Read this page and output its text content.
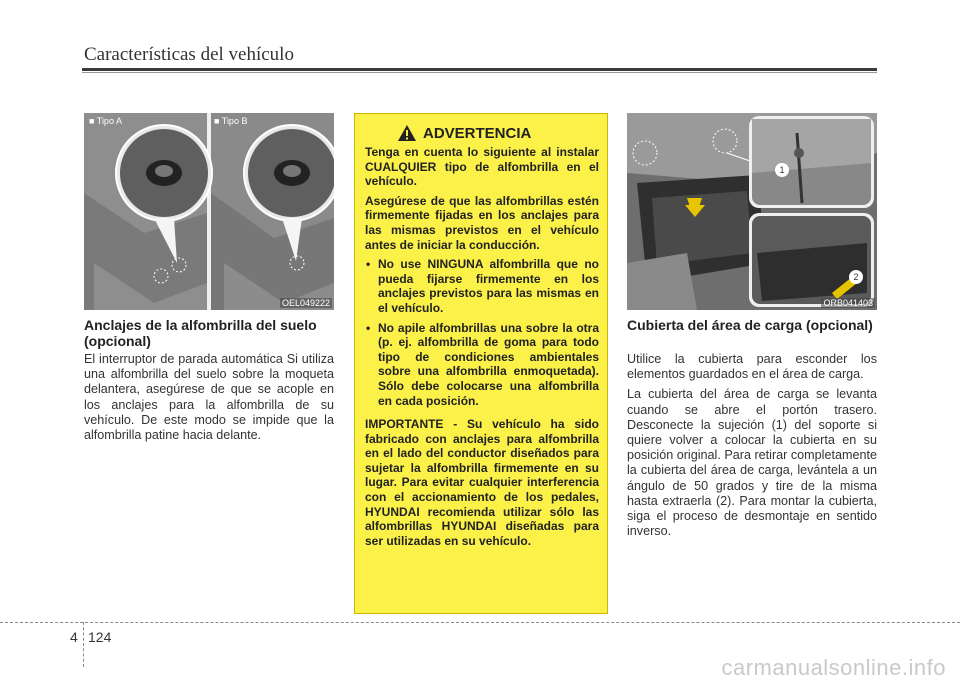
Características del vehículo
■ Tipo A	■ Tipo B
OEL049222
Anclajes de la alfombrilla del suelo (opcional)

El interruptor de parada automática Si utiliza una alfombrilla del suelo sobre la moqueta delantera, asegúrese de que se acople en los anclajes para la alfombrilla de su vehículo. De este modo se impide que la alfombrilla patine hacia delante.

ADVERTENCIA

Tenga en cuenta lo siguiente al instalar CUALQUIER tipo de alfombrilla en el vehículo.

Asegúrese de que las alfombrillas estén firmemente fijadas en los anclajes para las mismas previstos en el vehículo antes de iniciar la conducción.

• No use NINGUNA alfombrilla que no pueda fijarse firmemente en los anclajes previstos para las mismas en el vehículo.
• No apile alfombrillas una sobre la otra (p. ej. alfombrilla de goma para todo tipo de condiciones ambientales sobre una alfombrilla enmoquetada). Sólo debe colocarse una alfombrilla en cada posición.

IMPORTANTE - Su vehículo ha sido fabricado con anclajes para alfombrilla en el lado del conductor diseñados para sujetar la alfombrilla firmemente en su lugar. Para evitar cualquier interferencia con el accionamiento de los pedales, HYUNDAI recomienda utilizar sólo las alfombrillas HYUNDAI diseñadas para ser utilizadas en su vehículo.

1
2
ORB041403
Cubierta del área de carga (opcional)

Utilice la cubierta para esconder los elementos guardados en el área de carga.

La cubierta del área de carga se levanta cuando se abre el portón trasero. Desconecte la sujeción (1) del soporte si quiere volver a colocar la cubierta en su posición original. Para retirar completamente la cubierta del área de carga, levántela a un ángulo de 50 grados y tire de la misma hasta extraerla (2). Para montar la cubierta, siga el proceso de desmontaje en sentido inverso.

4 124
carmanualsonline.info
